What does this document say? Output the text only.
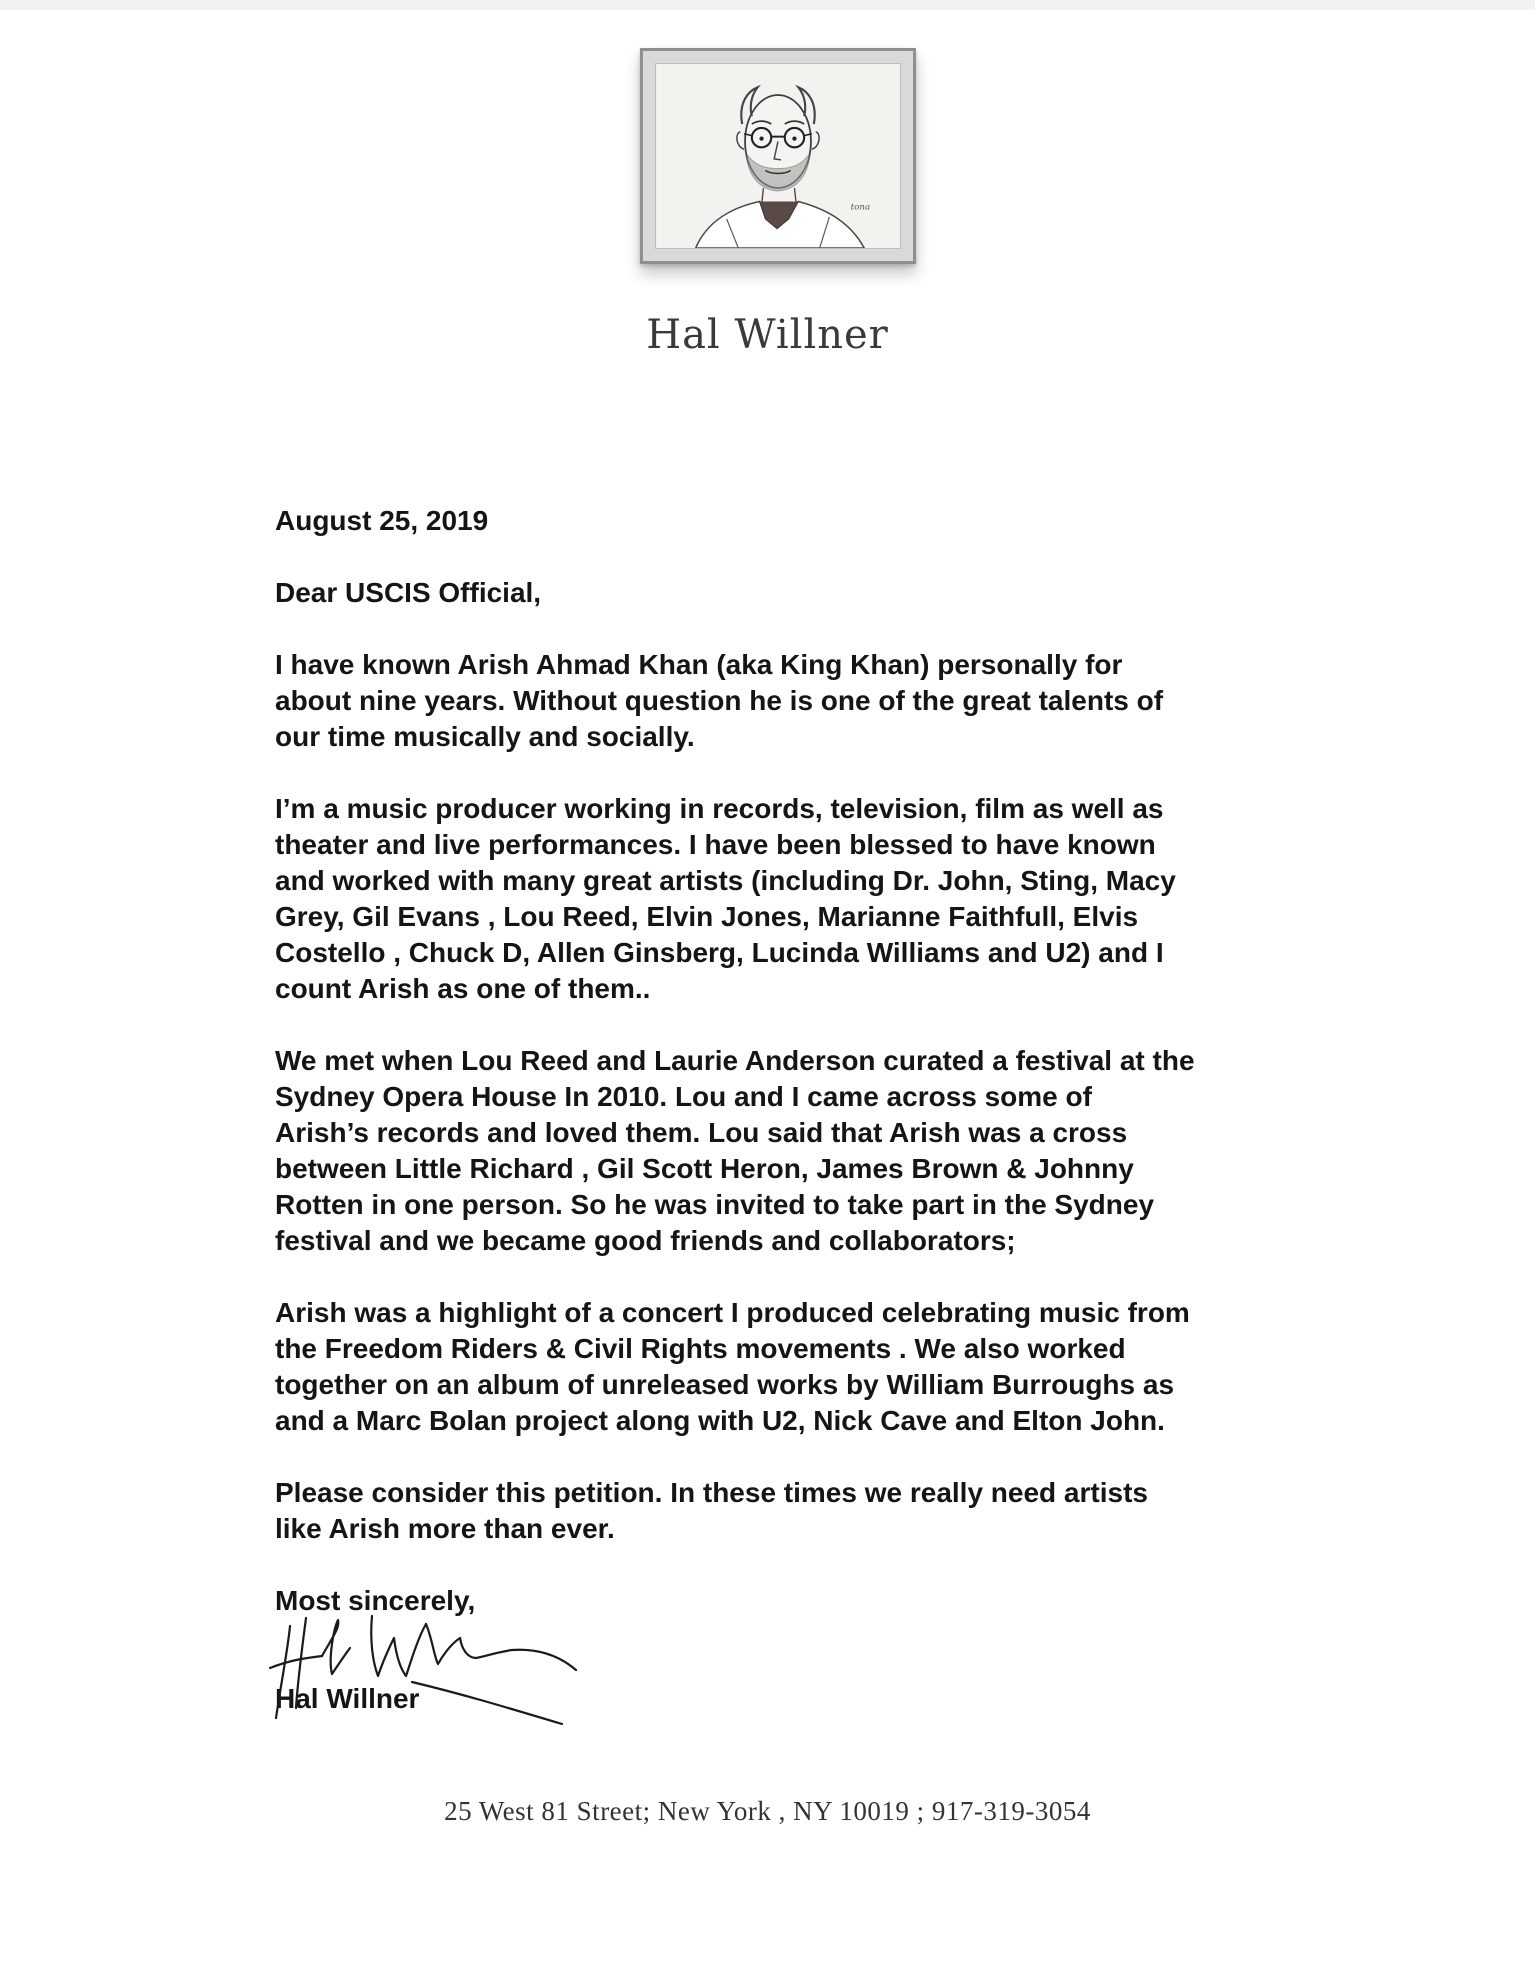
tona
Hal Willner

August 25, 2019

Dear USCIS Official,

I have known Arish Ahmad Khan (aka King Khan) personally for
about nine years. Without question he is one of the great talents of
our time musically and socially.

I’m a music producer working in records, television, film as well as
theater and live performances. I have been blessed to have known
and worked with many great artists (including Dr. John, Sting, Macy
Grey, Gil Evans , Lou Reed, Elvin Jones, Marianne Faithfull, Elvis
Costello , Chuck D, Allen Ginsberg, Lucinda Williams and U2) and I
count Arish as one of them..

We met when Lou Reed and Laurie Anderson curated a festival at the
Sydney Opera House In 2010. Lou and I came across some of
Arish’s records and loved them. Lou said that Arish was a cross
between Little Richard , Gil Scott Heron, James Brown & Johnny
Rotten in one person. So he was invited to take part in the Sydney
festival and we became good friends and collaborators;

Arish was a highlight of a concert I produced celebrating music from
the Freedom Riders & Civil Rights movements . We also worked
together on an album of unreleased works by William Burroughs as
and a Marc Bolan project along with U2, Nick Cave and Elton John.

Please consider this petition. In these times we really need artists
like Arish more than ever.

Most sincerely,

Hal Willner
25 West 81 Street; New York , NY 10019 ; 917-319-3054
